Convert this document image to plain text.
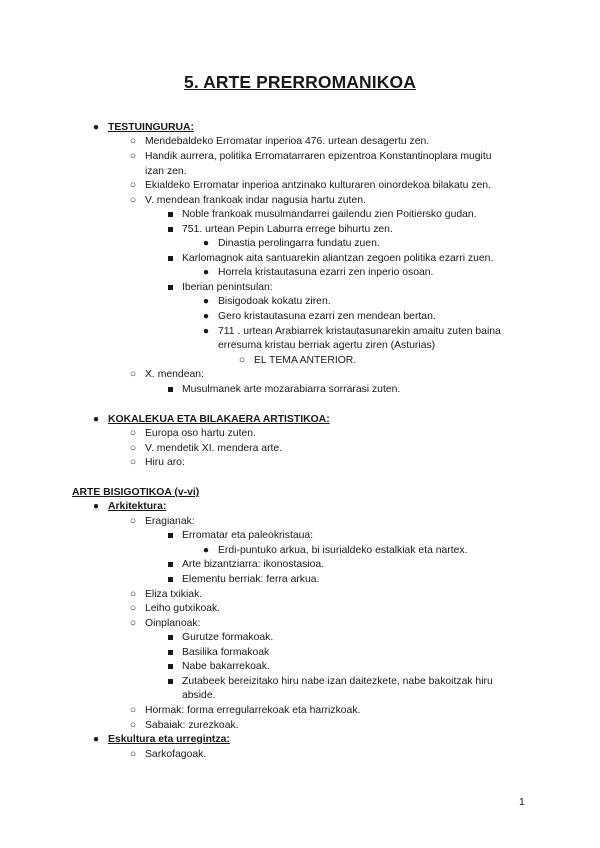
5. ARTE PRERROMANIKOA
● TESTUINGURUA:
○ Mendebaldeko Erromatar inperioa 476. urtean desagertu zen.
○ Handik aurrera, politika Erromatarraren epizentroa Konstantinoplara mugitu
izan zen.
○ Ekialdeko Erromatar inperioa antzinako kulturaren oinordekoa bilakatu zen.
○ V. mendean frankoak indar nagusia hartu zuten.
Noble frankoak musulmandarrei gailendu zien Poitiersko gudan.
751. urtean Pepin Laburra errege bihurtu zen.
● Dinastia perolingarra fundatu zuen.
Karlomagnok aita santuarekin aliantzan zegoen politika ezarri zuen.
● Horrela kristautasuna ezarri zen inperio osoan.
Iberian penintsulan:
● Bisigodoak kokatu ziren.
● Gero kristautasuna ezarri zen mendean bertan.
● 711 . urtean Arabiarrek kristautasunarekin amaitu zuten baina
erresuma kristau berriak agertu ziren (Asturias)
○ EL TEMA ANTERIOR.
○ X. mendean:
Musulmanek arte mozarabiarra sorrarasi zuten.
● KOKALEKUA ETA BILAKAERA ARTISTIKOA:
○ Europa oso hartu zuten.
○ V. mendetik XI. mendera arte.
○ Hiru aro:
ARTE BISIGOTIKOA (v-vi)
● Arkitektura:
○ Eragianak:
Erromatar eta paleokristaua:
● Erdi-puntuko arkua, bi isurialdeko estalkiak eta nartex.
Arte bizantziarra: ikonostasioa.
Elementu berriak: ferra arkua.
○ Eliza txikiak.
○ Leiho gutxikoak.
○ Oinplanoak:
Gurutze formakoak.
Basilika formakoak
Nabe bakarrekoak.
Zutabeek bereizitako hiru nabe izan daitezkete, nabe bakoitzak hiru
abside.
○ Hormak: forma erregularrekoak eta harrizkoak.
○ Sabaiak: zurezkoak.
● Eskultura eta urregintza:
○ Sarkofagoak.
1
